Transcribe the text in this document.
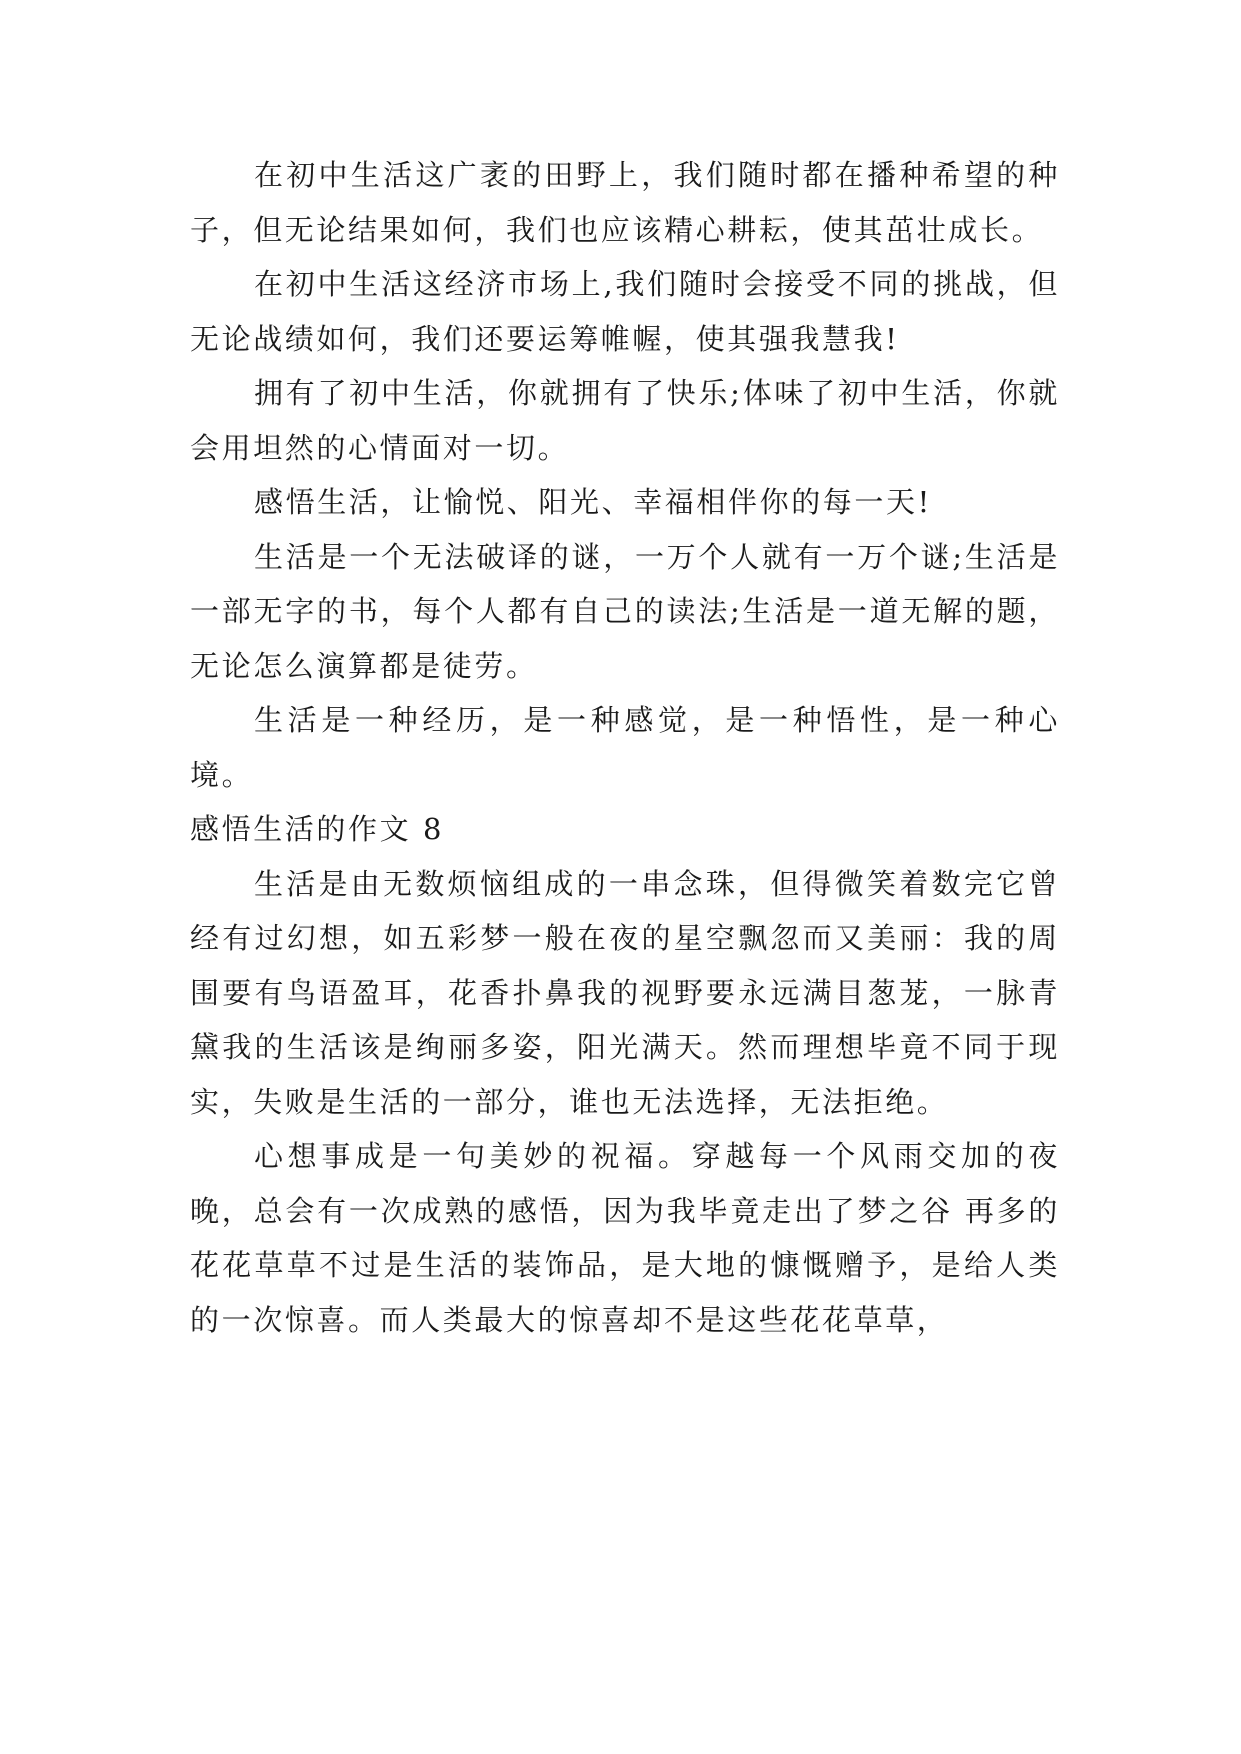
在初中生活这广袤的田野上，我们随时都在播种希望的种子，但无论结果如何，我们也应该精心耕耘，使其茁壮成长。

在初中生活这经济市场上,我们随时会接受不同的挑战，但无论战绩如何，我们还要运筹帷幄，使其强我慧我!

拥有了初中生活，你就拥有了快乐;体味了初中生活，你就会用坦然的心情面对一切。

感悟生活，让愉悦、阳光、幸福相伴你的每一天!

生活是一个无法破译的谜，一万个人就有一万个谜;生活是一部无字的书，每个人都有自己的读法;生活是一道无解的题，无论怎么演算都是徒劳。

生活是一种经历，是一种感觉，是一种悟性，是一种心境。

感悟生活的作文 8

生活是由无数烦恼组成的一串念珠，但得微笑着数完它曾经有过幻想，如五彩梦一般在夜的星空飘忽而又美丽：我的周围要有鸟语盈耳，花香扑鼻我的视野要永远满目葱茏，一脉青黛我的生活该是绚丽多姿，阳光满天。然而理想毕竟不同于现实，失败是生活的一部分，谁也无法选择，无法拒绝。

心想事成是一句美妙的祝福。穿越每一个风雨交加的夜晚，总会有一次成熟的感悟，因为我毕竟走出了梦之谷 再多的花花草草不过是生活的装饰品，是大地的慷慨赠予，是给人类的一次惊喜。而人类最大的惊喜却不是这些花花草草，
